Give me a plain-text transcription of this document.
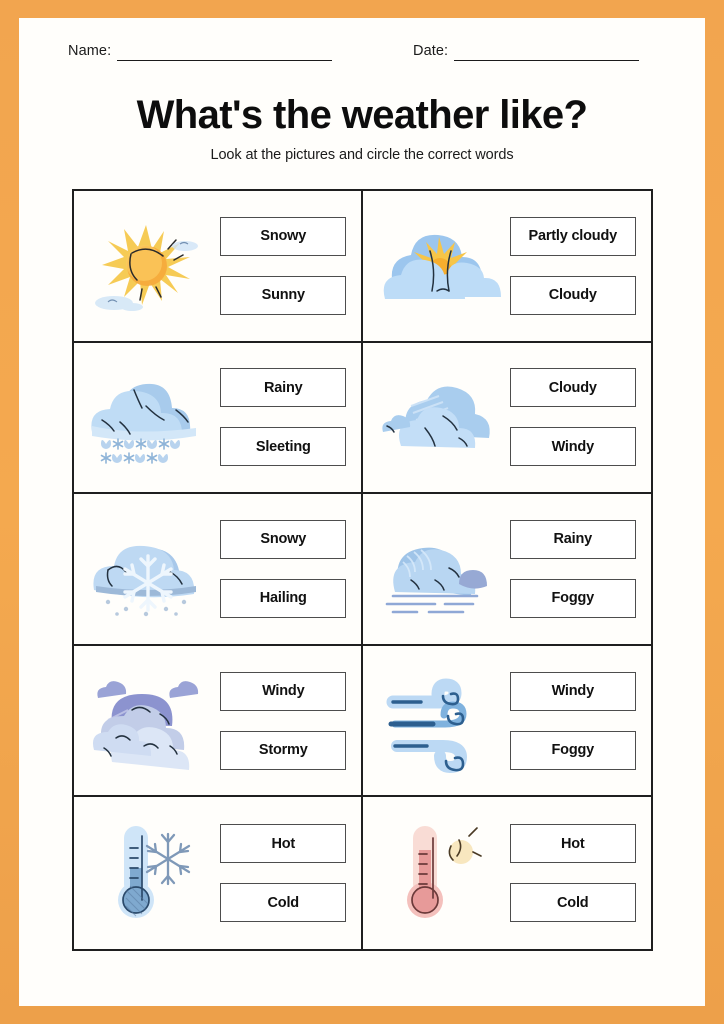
Name:	Date:
What's the weather like?
Look at the pictures and circle the correct words
Snowy
Sunny
Partly cloudy
Cloudy
Rainy
Sleeting
Cloudy
Windy
Snowy
Hailing
Rainy
Foggy
Windy
Stormy
Windy
Foggy
Hot
Cold
Hot
Cold
